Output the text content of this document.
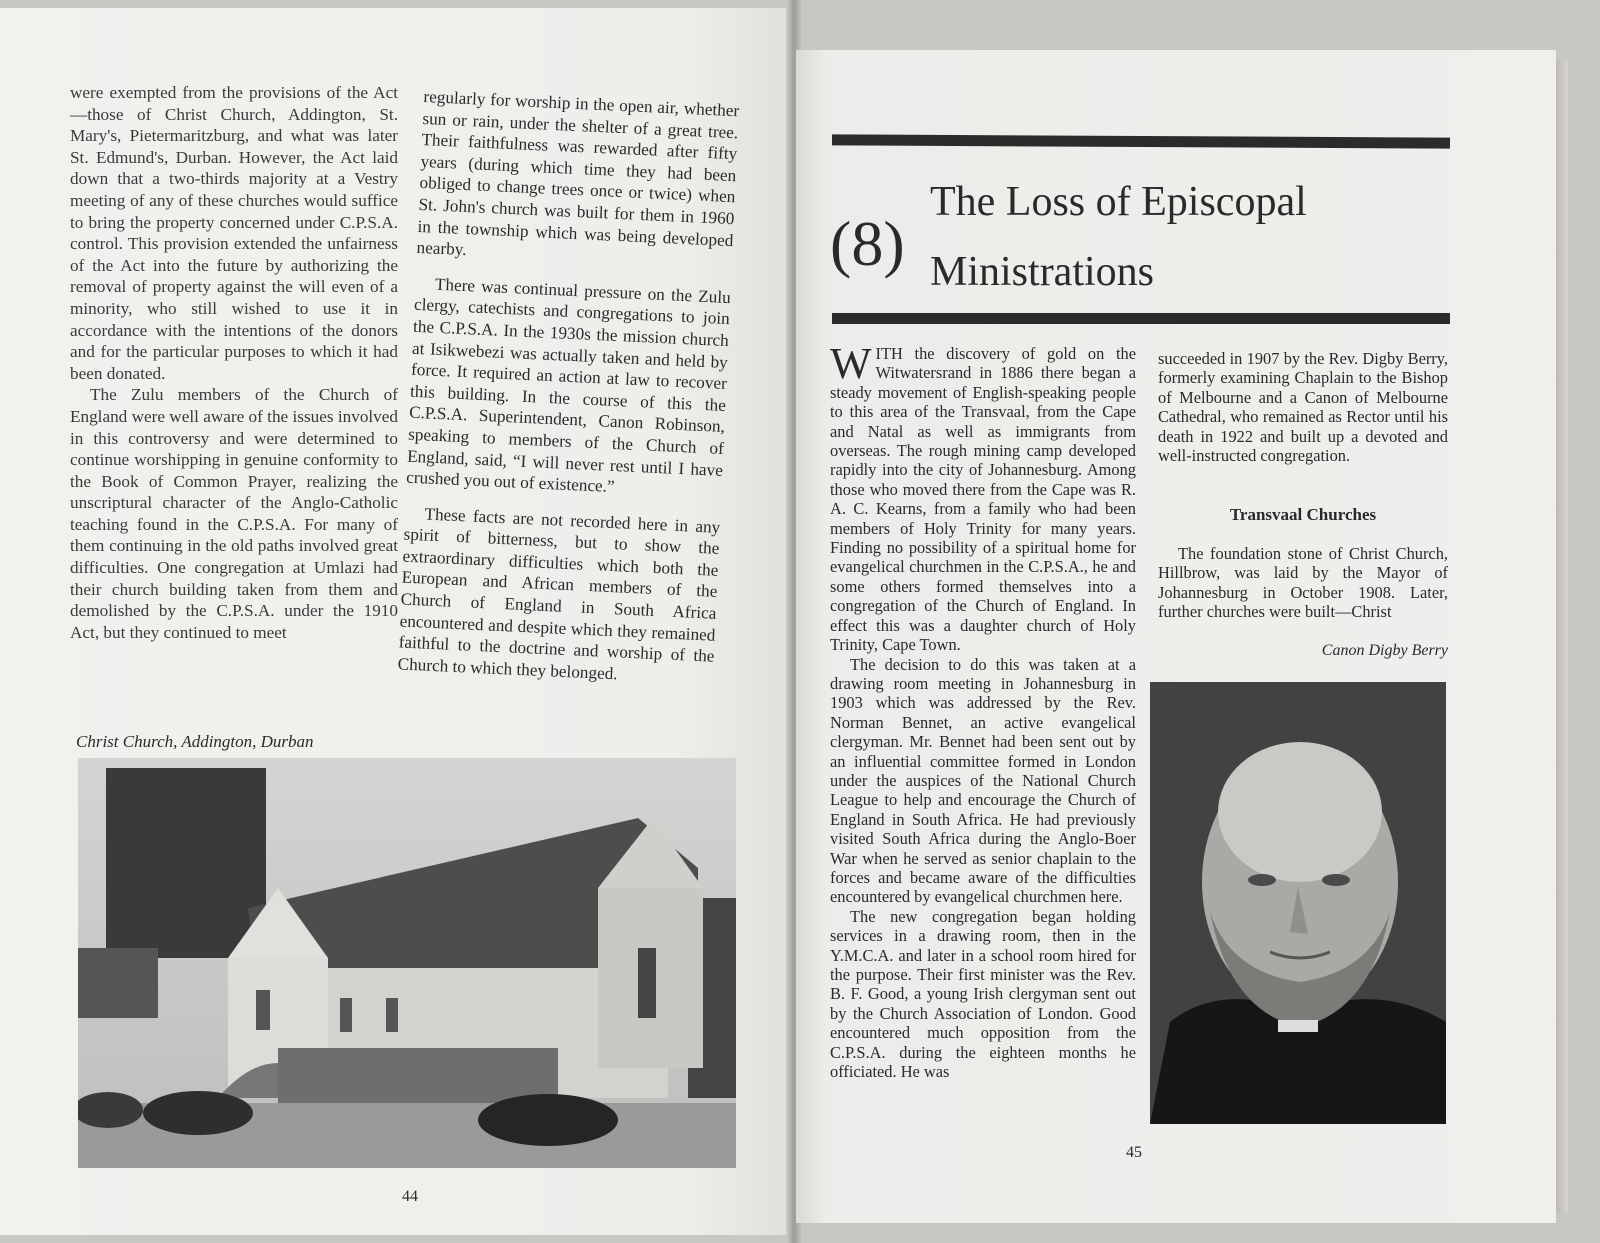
were exempted from the provisions of the Act—those of Christ Church, Addington, St. Mary's, Pietermaritzburg, and what was later St. Edmund's, Durban. However, the Act laid down that a two-thirds majority at a Vestry meeting of any of these churches would suffice to bring the property concerned under C.P.S.A. control. This provision extended the unfairness of the Act into the future by authorizing the removal of property against the will even of a minority, who still wished to use it in accordance with the intentions of the donors and for the particular purposes to which it had been donated.

The Zulu members of the Church of England were well aware of the issues involved in this controversy and were determined to continue worshipping in genuine conformity to the Book of Common Prayer, realizing the unscriptural character of the Anglo-Catholic teaching found in the C.P.S.A. For many of them continuing in the old paths involved great difficulties. One congregation at Umlazi had their church building taken from them and demolished by the C.P.S.A. under the 1910 Act, but they continued to meet

regularly for worship in the open air, whether sun or rain, under the shelter of a great tree. Their faithfulness was rewarded after fifty years (during which time they had been obliged to change trees once or twice) when St. John's church was built for them in 1960 in the township which was being developed nearby.

There was continual pressure on the Zulu clergy, catechists and congregations to join the C.P.S.A. In the 1930s the mission church at Isikwebezi was actually taken and held by force. It required an action at law to recover this building. In the course of this the C.P.S.A. Superintendent, Canon Robinson, speaking to members of the Church of England, said, “I will never rest until I have crushed you out of existence.”

These facts are not recorded here in any spirit of bitterness, but to show the extraordinary difficulties which both the European and African members of the Church of England in South Africa encountered and despite which they remained faithful to the doctrine and worship of the Church to which they belonged.

Christ Church, Addington, Durban
44
(8)
The Loss of Episcopal
Ministrations

WITH the discovery of gold on the Witwatersrand in 1886 there began a steady movement of English-speaking people to this area of the Transvaal, from the Cape and Natal as well as immigrants from overseas. The rough mining camp developed rapidly into the city of Johannesburg. Among those who moved there from the Cape was R. A. C. Kearns, from a family who had been members of Holy Trinity for many years. Finding no possibility of a spiritual home for evangelical churchmen in the C.P.S.A., he and some others formed themselves into a congregation of the Church of England. In effect this was a daughter church of Holy Trinity, Cape Town.

The decision to do this was taken at a drawing room meeting in Johannesburg in 1903 which was addressed by the Rev. Norman Bennet, an active evangelical clergyman. Mr. Bennet had been sent out by an influential committee formed in London under the auspices of the National Church League to help and encourage the Church of England in South Africa. He had previously visited South Africa during the Anglo-Boer War when he served as senior chaplain to the forces and became aware of the difficulties encountered by evangelical churchmen here.

The new congregation began holding services in a drawing room, then in the Y.M.C.A. and later in a school room hired for the purpose. Their first minister was the Rev. B. F. Good, a young Irish clergyman sent out by the Church Association of London. Good encountered much opposition from the C.P.S.A. during the eighteen months he officiated. He was

succeeded in 1907 by the Rev. Digby Berry, formerly examining Chaplain to the Bishop of Melbourne and a Canon of Melbourne Cathedral, who remained as Rector until his death in 1922 and built up a devoted and well-instructed congregation.

Transvaal Churches

The foundation stone of Christ Church, Hillbrow, was laid by the Mayor of Johannesburg in October 1908. Later, further churches were built—Christ

Canon Digby Berry
45
